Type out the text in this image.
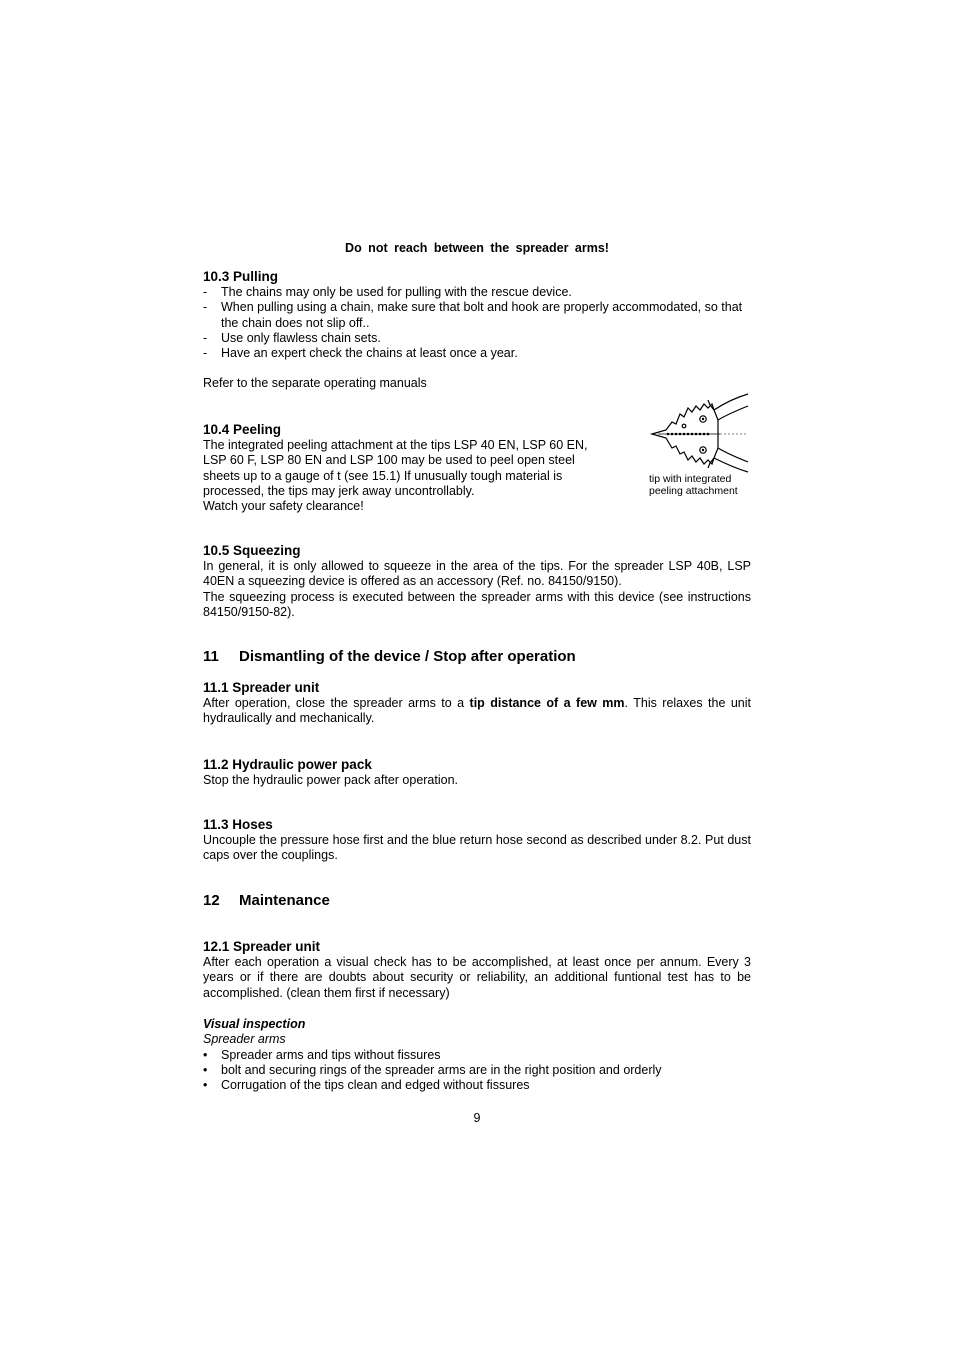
Do not reach between the spreader arms!
10.3 Pulling
- The chains may only be used for pulling with the rescue device.
- When pulling using a chain, make sure that bolt and hook are properly accommodated, so that the chain does not slip off..
- Use only flawless chain sets.
- Have an expert check the chains at least once a year.

Refer to the separate operating manuals

10.4 Peeling

The integrated peeling attachment at the tips LSP 40 EN, LSP 60 EN,

LSP 60 F, LSP 80 EN and LSP 100 may be used to peel open steel

sheets up to a gauge of t (see 15.1) If unusually tough material is

processed, the tips may jerk away uncontrollably.

Watch your safety clearance!

tip with integrated
peeling attachment
10.5 Squeezing

In general, it is only allowed to squeeze in the area of the tips. For the spreader LSP 40B, LSP 40EN a squeezing device is offered as an accessory (Ref. no. 84150/9150).

The squeezing process is executed between the spreader arms with this device (see instructions 84150/9150-82).

11 Dismantling of the device / Stop after operation
11.1 Spreader unit

After operation, close the spreader arms to a tip distance of a few mm. This relaxes the unit hydraulically and mechanically.

11.2 Hydraulic power pack

Stop the hydraulic power pack after operation.

11.3 Hoses

Uncouple the pressure hose first and the blue return hose second as described under 8.2. Put dust caps over the couplings.

12 Maintenance
12.1 Spreader unit

After each operation a visual check has to be accomplished, at least once per annum. Every 3 years or if there are doubts about security or reliability, an additional funtional test has to be accomplished. (clean them first if necessary)

Visual inspection

Spreader arms

• Spreader arms and tips without fissures
• bolt and securing rings of the spreader arms are in the right position and orderly
• Corrugation of the tips clean and edged without fissures
9
